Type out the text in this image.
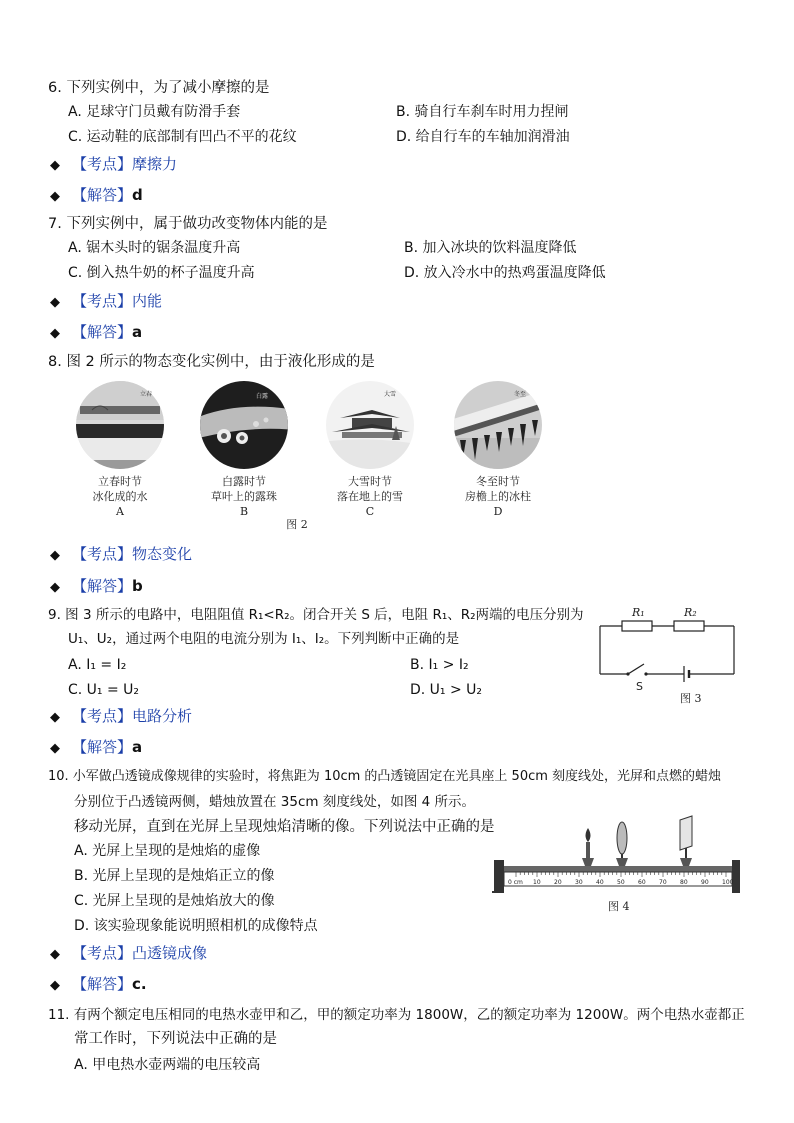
6. 下列实例中，为了减小摩擦的是
A. 足球守门员戴有防滑手套	B. 骑自行车刹车时用力捏闸
C. 运动鞋的底部制有凹凸不平的花纹	D. 给自行车的车轴加润滑油
◆ 【考点】摩擦力
◆ 【解答】d
7. 下列实例中，属于做功改变物体内能的是
A. 锯木头时的锯条温度升高	B. 加入冰块的饮料温度降低
C. 倒入热牛奶的杯子温度升高	D. 放入冷水中的热鸡蛋温度降低
◆ 【考点】内能
◆ 【解答】a
8. 图 2 所示的物态变化实例中，由于液化形成的是
立春
立春时节
冰化成的水
A
白露
白露时节
草叶上的露珠
B
大雪
大雪时节
落在地上的雪
C
冬至
冬至时节
房檐上的冰柱
D
图 2
◆ 【考点】物态变化
◆ 【解答】b
9. 图 3 所示的电路中，电阻阻值 R₁<R₂。闭合开关 S 后，电阻 R₁、R₂两端的电压分别为
U₁、U₂，通过两个电阻的电流分别为 I₁、I₂。下列判断中正确的是
A. I₁ = I₂	B. I₁ > I₂
C. U₁ = U₂	D. U₁ > U₂
R₁	R₂
S
图 3
◆ 【考点】电路分析
◆ 【解答】a
10. 小军做凸透镜成像规律的实验时，将焦距为 10cm 的凸透镜固定在光具座上 50cm 刻度线处，光屏和点燃的蜡烛
分别位于凸透镜两侧，蜡烛放置在 35cm 刻度线处，如图 4 所示。
移动光屏，直到在光屏上呈现烛焰清晰的像。下列说法中正确的是
A. 光屏上呈现的是烛焰的虚像
B. 光屏上呈现的是烛焰正立的像
C. 光屏上呈现的是烛焰放大的像
D. 该实验现象能说明照相机的成像特点
0 cm 10 20 30 40 50 60 70 80 90 100
图 4
◆ 【考点】凸透镜成像
◆ 【解答】c.
11. 有两个额定电压相同的电热水壶甲和乙，甲的额定功率为 1800W，乙的额定功率为 1200W。两个电热水壶都正
常工作时，下列说法中正确的是
A. 甲电热水壶两端的电压较高
